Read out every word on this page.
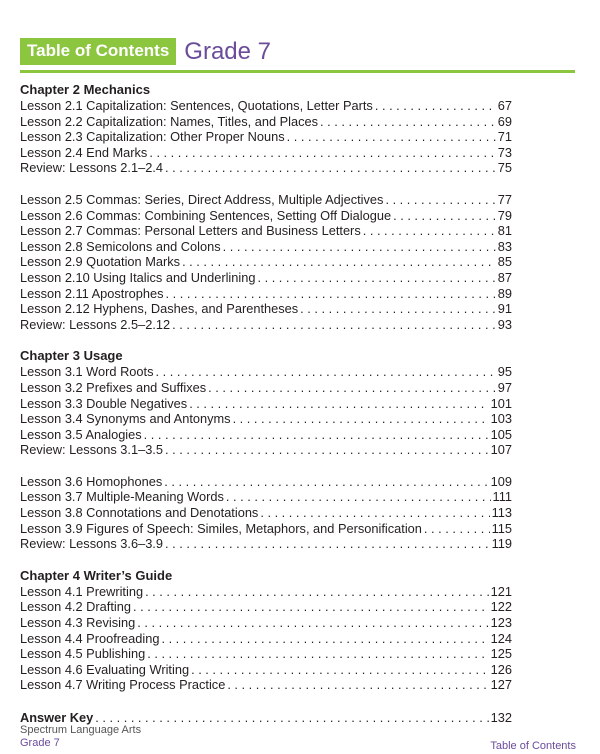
Table of Contents Grade 7
Chapter 2 Mechanics
Lesson 2.1 Capitalization: Sentences, Quotations, Letter Parts . . .	67
Lesson 2.2 Capitalization: Names, Titles, and Places . . .	69
Lesson 2.3 Capitalization: Other Proper Nouns . . .	71
Lesson 2.4 End Marks . . .	73
Review: Lessons 2.1–2.4 . . .	75
Lesson 2.5 Commas: Series, Direct Address, Multiple Adjectives . . .	77
Lesson 2.6 Commas: Combining Sentences, Setting Off Dialogue . . .	79
Lesson 2.7 Commas: Personal Letters and Business Letters . . .	81
Lesson 2.8 Semicolons and Colons . . .	83
Lesson 2.9 Quotation Marks . . .	85
Lesson 2.10 Using Italics and Underlining . . .	87
Lesson 2.11 Apostrophes . . .	89
Lesson 2.12 Hyphens, Dashes, and Parentheses . . .	91
Review: Lessons 2.5–2.12 . . .	93
Chapter 3 Usage
Lesson 3.1 Word Roots . . .	95
Lesson 3.2 Prefixes and Suffixes . . .	97
Lesson 3.3 Double Negatives . . .	101
Lesson 3.4 Synonyms and Antonyms . . .	103
Lesson 3.5 Analogies . . .	105
Review: Lessons 3.1–3.5 . . .	107
Lesson 3.6 Homophones . . .	109
Lesson 3.7 Multiple-Meaning Words . . .	111
Lesson 3.8 Connotations and Denotations . . .	113
Lesson 3.9 Figures of Speech: Similes, Metaphors, and Personification . . .	115
Review: Lessons 3.6–3.9 . . .	119
Chapter 4 Writer’s Guide
Lesson 4.1 Prewriting . . .	121
Lesson 4.2 Drafting . . .	122
Lesson 4.3 Revising . . .	123
Lesson 4.4 Proofreading . . .	124
Lesson 4.5 Publishing . . .	125
Lesson 4.6 Evaluating Writing . . .	126
Lesson 4.7 Writing Process Practice . . .	127
Answer Key . . .	132
Spectrum Language Arts
Grade 7	Table of Contents
